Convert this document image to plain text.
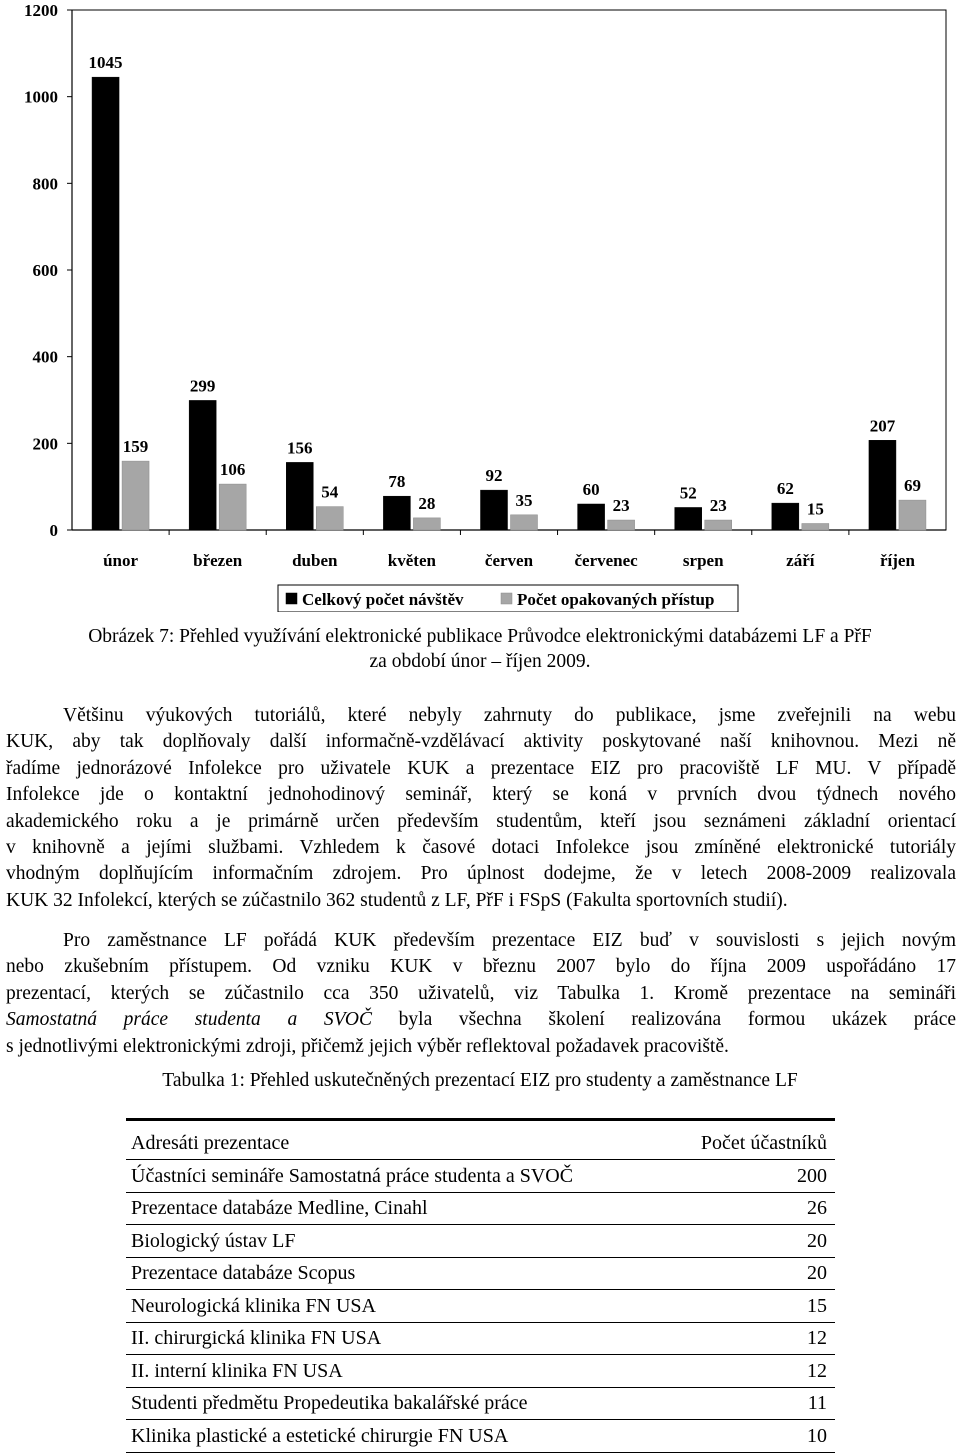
0
200
400
600
800
1000
1200
1045
159
únor
299
106
březen
156
54
duben
78
28
květen
92
35
červen
60
23
červenec
52
23
srpen
62
15
září
207
69
říjen
Celkový počet návštěv	Počet opakovaných přístup
Obrázek 7: Přehled využívání elektronické publikace Průvodce elektronickými databázemi LF a PřF
za období únor – říjen 2009.
Většinu výukových tutoriálů, které nebyly zahrnuty do publikace, jsme zveřejnili na webu
KUK, aby tak doplňovaly další informačně-vzdělávací aktivity poskytované naší knihovnou. Mezi ně
řadíme jednorázové Infolekce pro uživatele KUK a prezentace EIZ pro pracoviště LF MU. V případě
Infolekce jde o kontaktní jednohodinový seminář, který se koná v prvních dvou týdnech nového
akademického roku a je primárně určen především studentům, kteří jsou seznámeni základní orientací
v knihovně a jejími službami. Vzhledem k časové dotaci Infolekce jsou zmíněné elektronické tutoriály
vhodným doplňujícím informačním zdrojem. Pro úplnost dodejme, že v letech 2008-2009 realizovala
KUK 32 Infolekcí, kterých se zúčastnilo 362 studentů z LF, PřF i FSpS (Fakulta sportovních studií).
Pro zaměstnance LF pořádá KUK především prezentace EIZ buď v souvislosti s jejich novým
nebo zkušebním přístupem. Od vzniku KUK v březnu 2007 bylo do října 2009 uspořádáno 17
prezentací, kterých se zúčastnilo cca 350 uživatelů, viz Tabulka 1. Kromě prezentace na semináři
Samostatná práce studenta a SVOČ byla všechna školení realizována formou ukázek práce
s jednotlivými elektronickými zdroji, přičemž jejich výběr reflektoval požadavek pracoviště.
Tabulka 1: Přehled uskutečněných prezentací EIZ pro studenty a zaměstnance LF
Adresáti prezentace	Počet účastníků
Účastníci semináře Samostatná práce studenta a SVOČ	200
Prezentace databáze Medline, Cinahl	26
Biologický ústav LF	20
Prezentace databáze Scopus	20
Neurologická klinika FN USA	15
II. chirurgická klinika FN USA	12
II. interní klinika FN USA	12
Studenti předmětu Propedeutika bakalářské práce	11
Klinika plastické a estetické chirurgie FN USA	10
